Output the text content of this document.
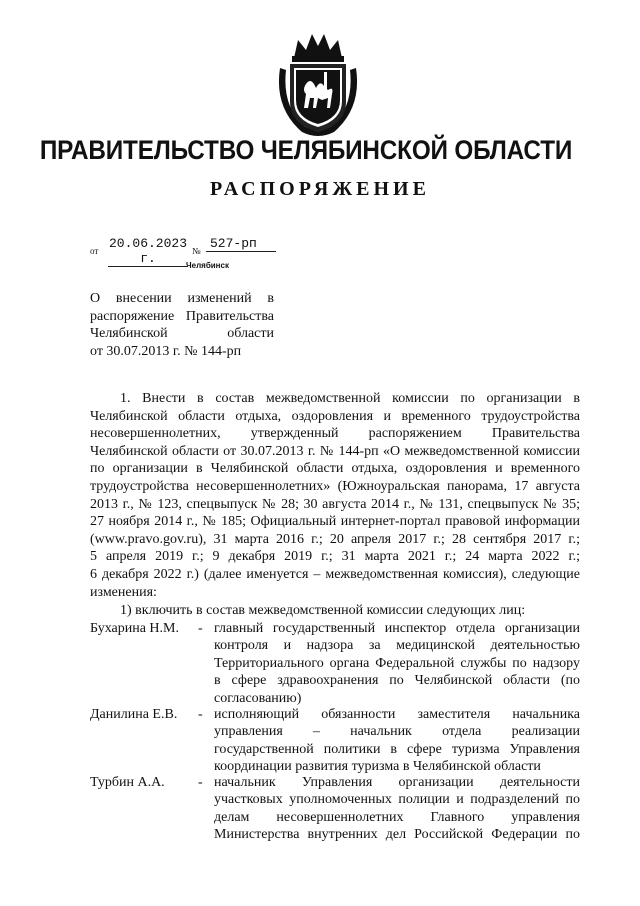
ПРАВИТЕЛЬСТВО ЧЕЛЯБИНСКОЙ ОБЛАСТИ
РАСПОРЯЖЕНИЕ
от 20.06.2023 г.	№ 527-рп
Челябинск
О внесении изменений в
распоряжение Правительства
Челябинской области
от 30.07.2013 г. № 144-рп
1. Внести в состав межведомственной комиссии по организации в
Челябинской области отдыха, оздоровления и временного трудоустройства
несовершеннолетних, утвержденный распоряжением Правительства
Челябинской области от 30.07.2013 г. № 144-рп «О межведомственной комиссии
по организации в Челябинской области отдыха, оздоровления и временного
трудоустройства несовершеннолетних» (Южноуральская панорама, 17 августа
2013 г., № 123, спецвыпуск № 28; 30 августа 2014 г., № 131, спецвыпуск № 35;
27 ноября 2014 г., № 185; Официальный интернет-портал правовой информации
(www.pravo.gov.ru), 31 марта 2016 г.; 20 апреля 2017 г.; 28 сентября 2017 г.;
5 апреля 2019 г.; 9 декабря 2019 г.; 31 марта 2021 г.; 24 марта 2022 г.;
6 декабря 2022 г.) (далее именуется – межведомственная комиссия), следующие
изменения:
1) включить в состав межведомственной комиссии следующих лиц:
Бухарина Н.М. - главный государственный инспектор отдела организации
контроля и надзора за медицинской деятельностью
Территориального органа Федеральной службы по надзору
в сфере здравоохранения по Челябинской области (по
согласованию)
Данилина Е.В. - исполняющий обязанности заместителя начальника
управления – начальник отдела реализации
государственной политики в сфере туризма Управления
координации развития туризма в Челябинской области
Турбин А.А. - начальник Управления организации деятельности
участковых уполномоченных полиции и подразделений по
делам несовершеннолетних Главного управления
Министерства внутренних дел Российской Федерации по
